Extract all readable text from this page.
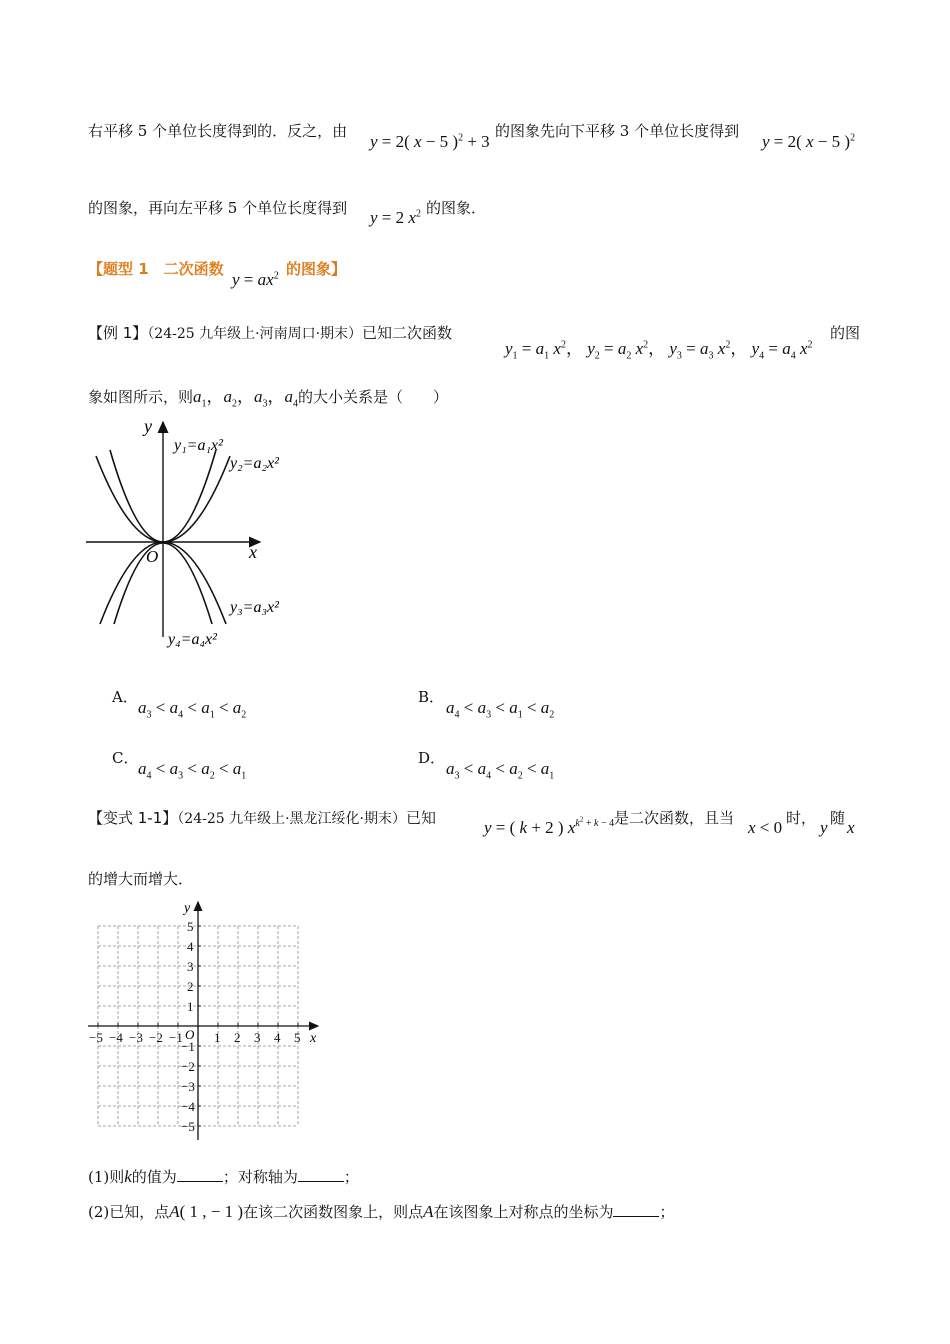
右平移 5 个单位长度得到的．反之，由
y = 2( x − 5 )$^2$ + 3
的图象先向下平移 3 个单位长度得到
y = 2( x − 5 )$^2$
的图象，再向左平移 5 个单位长度得到 y = 2 $x^2$ 的图象．
【题型 1　二次函数
$y = ax^2$ 的图象】
【例 1】（24-25 九年级上·河南周口·期末）已知二次函数
$y_1 = a_1$ $x^2$， $y_2 = a_2$ $x^2$， $y_3 = a_3$ $x^2$， $y_4 = a_4$ $x^2$
的图
象如图所示，则$a_1$，$a_2$，$a_3$，$a_4$的大小关系是（　　）
y
x
O
y₁=a₁x²
y₂=a₂x²
y₃=a₃x²
y₄=a₄x²
A．
$a_3 < a_4 < a_1 < a_2$
B．
$a_4 < a_3 < a_1 < a_2$
C．
$a_4 < a_3 < a_2 < a_1$
D．
$a_3 < a_4 < a_2 < a_1$
【变式 1-1】（24-25 九年级上·黑龙江绥化·期末）已知	y = ( k + 2 ) $x^{k^2 + k - 4}$ 是二次函数，且当 x < 0 时， y 随 x
的增大而增大．
−5 −4 −3 −2 −1 1 2 3 4 5
5
4
3
2
1
−1
−2
−3
−4
−5
x
y
O
(1)则k的值为	；对称轴为	；
(2)已知，点A( 1 , − 1 )在该二次函数图象上，则点A在该图象上对称点的坐标为	；
